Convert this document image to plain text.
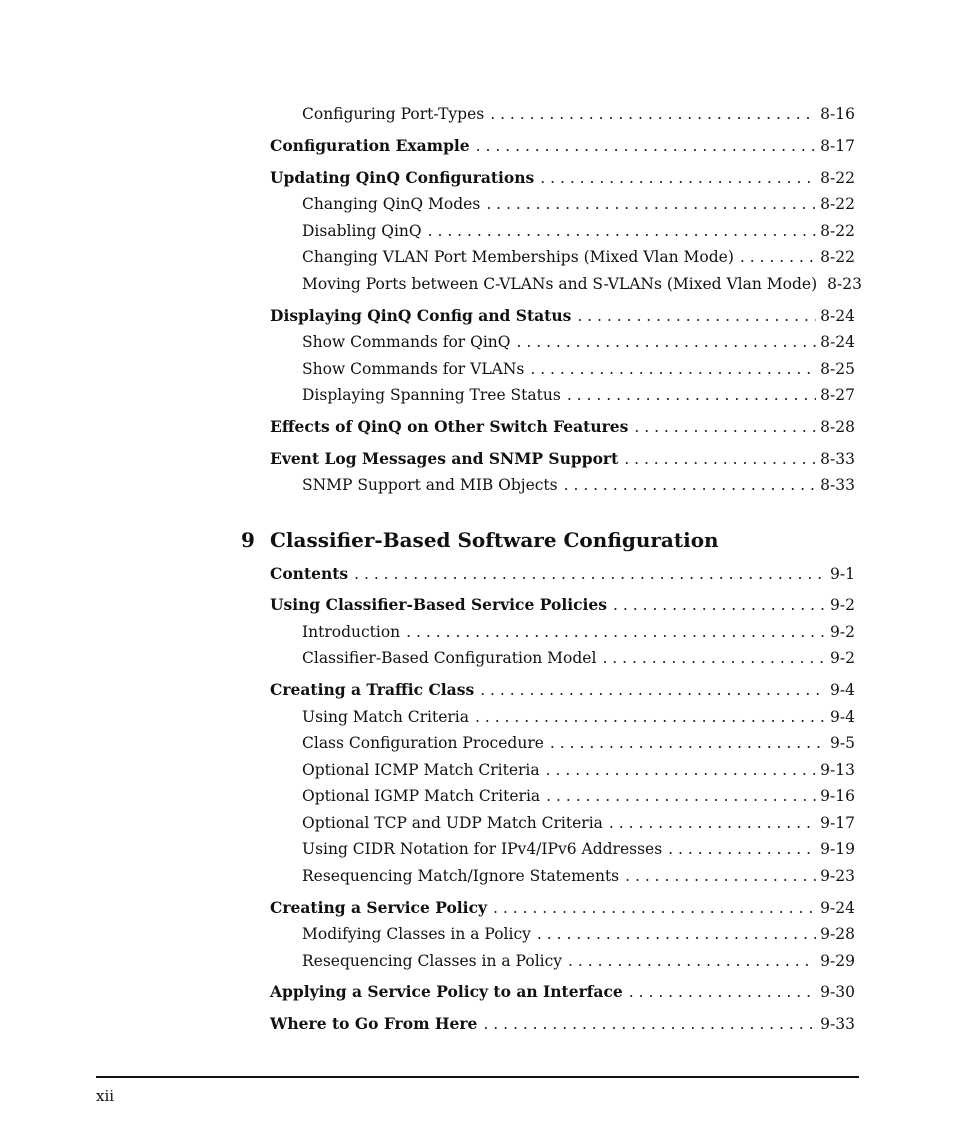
9 Classifier-Based Software Configuration
xii
Configuring Port-Types . . .	8-16
Configuration Example . . .	8-17
Updating QinQ Configurations . . .	8-22
Changing QinQ Modes . . .	8-22
Disabling QinQ . . .	8-22
Changing VLAN Port Memberships (Mixed Vlan Mode) . . .	8-22
Moving Ports between C-VLANs and S-VLANs (Mixed Vlan Mode) 8-23
Displaying QinQ Config and Status . . .	8-24
Show Commands for QinQ . . .	8-24
Show Commands for VLANs . . .	8-25
Displaying Spanning Tree Status . . .	8-27
Effects of QinQ on Other Switch Features . . .	8-28
Event Log Messages and SNMP Support . . .	8-33
SNMP Support and MIB Objects . . .	8-33
Contents . . .	9-1
Using Classifier-Based Service Policies . . .	9-2
Introduction . . .	9-2
Classifier-Based Configuration Model . . .	9-2
Creating a Traffic Class . . .	9-4
Using Match Criteria . . .	9-4
Class Configuration Procedure . . .	9-5
Optional ICMP Match Criteria . . .	9-13
Optional IGMP Match Criteria . . .	9-16
Optional TCP and UDP Match Criteria . . .	9-17
Using CIDR Notation for IPv4/IPv6 Addresses . . .	9-19
Resequencing Match/Ignore Statements . . .	9-23
Creating a Service Policy . . .	9-24
Modifying Classes in a Policy . . .	9-28
Resequencing Classes in a Policy . . .	9-29
Applying a Service Policy to an Interface . . .	9-30
Where to Go From Here . . .	9-33
